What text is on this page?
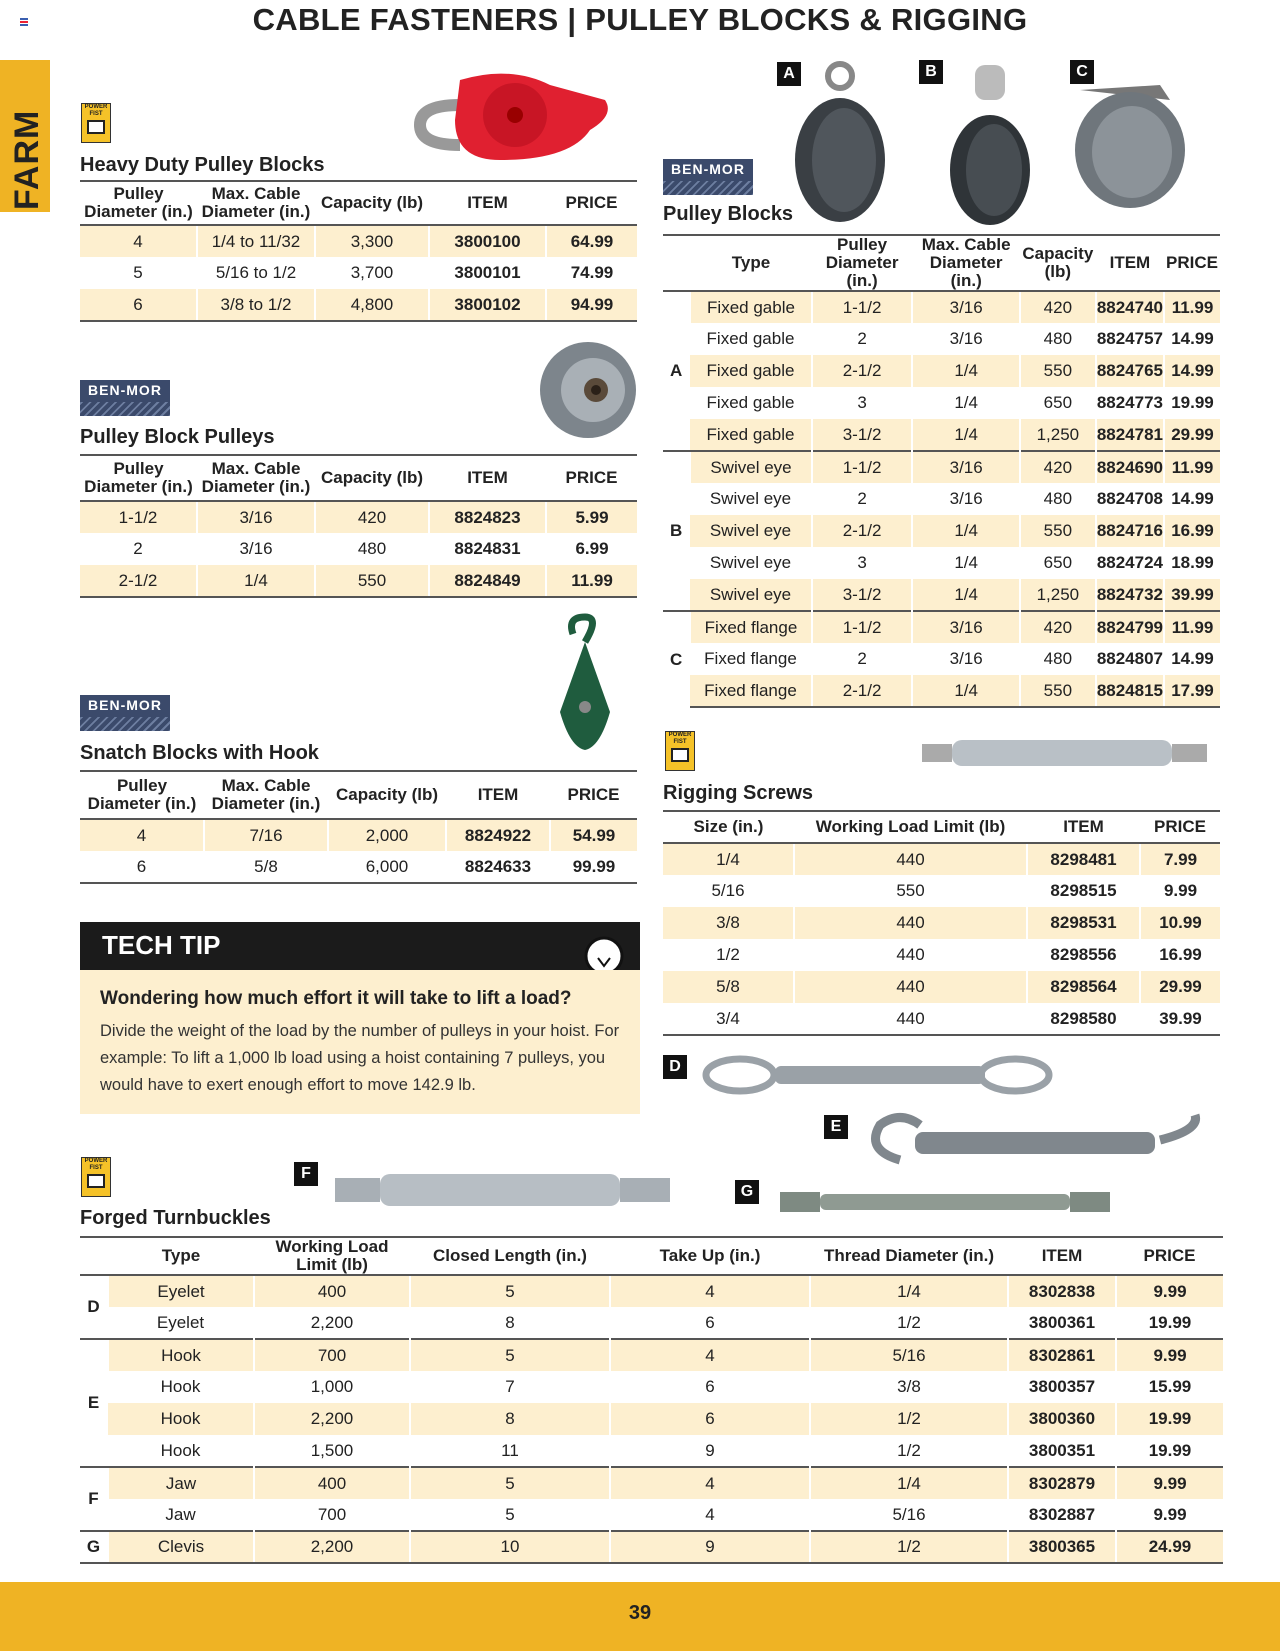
CABLE FASTENERS | PULLEY BLOCKS & RIGGING
FARM
POWER FIST
Heavy Duty Pulley Blocks
Pulley Diameter (in.)	Max. Cable Diameter (in.)	Capacity (lb)	ITEM	PRICE
4	1/4 to 11/32	3,300	3800100	64.99
5	5/16 to 1/2	3,700	3800101	74.99
6	3/8 to 1/2	4,800	3800102	94.99
BEN-MOR
Pulley Block Pulleys
Pulley Diameter (in.)	Max. Cable Diameter (in.)	Capacity (lb)	ITEM	PRICE
1-1/2	3/16	420	8824823	5.99
2	3/16	480	8824831	6.99
2-1/2	1/4	550	8824849	11.99
BEN-MOR
Snatch Blocks with Hook
Pulley Diameter (in.)	Max. Cable Diameter (in.)	Capacity (lb)	ITEM	PRICE
4	7/16	2,000	8824922	54.99
6	5/8	6,000	8824633	99.99
TECH TIP
Wondering how much effort it will take to lift a load?
Divide the weight of the load by the number of pulleys in your hoist. For example: To lift a 1,000 lb load using a hoist containing 7 pulleys, you would have to exert enough effort to move 142.9 lb.
A	B	C
BEN-MOR
Pulley Blocks
	Type	Pulley Diameter (in.)	Max. Cable Diameter (in.)	Capacity (lb)	ITEM	PRICE
A	Fixed gable	1-1/2	3/16	420	8824740	11.99
	Fixed gable	2	3/16	480	8824757	14.99
	Fixed gable	2-1/2	1/4	550	8824765	14.99
	Fixed gable	3	1/4	650	8824773	19.99
	Fixed gable	3-1/2	1/4	1,250	8824781	29.99
B	Swivel eye	1-1/2	3/16	420	8824690	11.99
	Swivel eye	2	3/16	480	8824708	14.99
	Swivel eye	2-1/2	1/4	550	8824716	16.99
	Swivel eye	3	1/4	650	8824724	18.99
	Swivel eye	3-1/2	1/4	1,250	8824732	39.99
C	Fixed flange	1-1/2	3/16	420	8824799	11.99
	Fixed flange	2	3/16	480	8824807	14.99
	Fixed flange	2-1/2	1/4	550	8824815	17.99
POWER FIST
Rigging Screws
Size (in.)	Working Load Limit (lb)	ITEM	PRICE
1/4	440	8298481	7.99
5/16	550	8298515	9.99
3/8	440	8298531	10.99
1/2	440	8298556	16.99
5/8	440	8298564	29.99
3/4	440	8298580	39.99
D
E
F
G
POWER FIST
Forged Turnbuckles
	Type	Working Load Limit (lb)	Closed Length (in.)	Take Up (in.)	Thread Diameter (in.)	ITEM	PRICE
D	Eyelet	400	5	4	1/4	8302838	9.99
	Eyelet	2,200	8	6	1/2	3800361	19.99
E	Hook	700	5	4	5/16	8302861	9.99
	Hook	1,000	7	6	3/8	3800357	15.99
	Hook	2,200	8	6	1/2	3800360	19.99
	Hook	1,500	11	9	1/2	3800351	19.99
F	Jaw	400	5	4	1/4	8302879	9.99
	Jaw	700	5	4	5/16	8302887	9.99
G	Clevis	2,200	10	9	1/2	3800365	24.99
39
